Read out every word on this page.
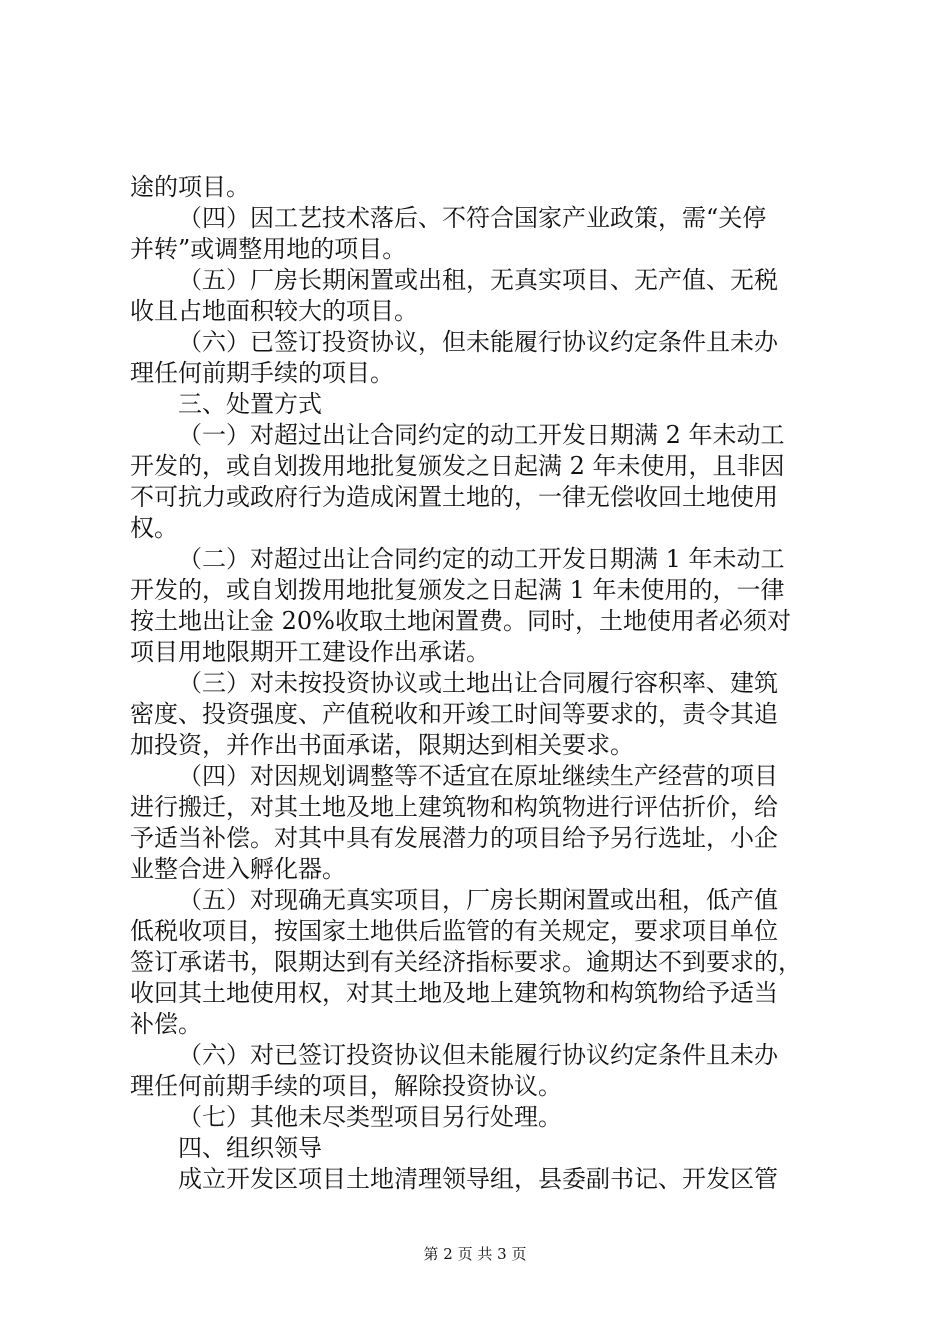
途的项目。
（四）因工艺技术落后、不符合国家产业政策，需“关停
并转”或调整用地的项目。
（五）厂房长期闲置或出租，无真实项目、无产值、无税
收且占地面积较大的项目。
（六）已签订投资协议，但未能履行协议约定条件且未办
理任何前期手续的项目。
三、处置方式
（一）对超过出让合同约定的动工开发日期满 2 年未动工
开发的，或自划拨用地批复颁发之日起满 2 年未使用，且非因
不可抗力或政府行为造成闲置土地的，一律无偿收回土地使用
权。
（二）对超过出让合同约定的动工开发日期满 1 年未动工
开发的，或自划拨用地批复颁发之日起满 1 年未使用的，一律
按土地出让金 20%收取土地闲置费。同时，土地使用者必须对
项目用地限期开工建设作出承诺。
（三）对未按投资协议或土地出让合同履行容积率、建筑
密度、投资强度、产值税收和开竣工时间等要求的，责令其追
加投资，并作出书面承诺，限期达到相关要求。
（四）对因规划调整等不适宜在原址继续生产经营的项目
进行搬迁，对其土地及地上建筑物和构筑物进行评估折价，给
予适当补偿。对其中具有发展潜力的项目给予另行选址，小企
业整合进入孵化器。
（五）对现确无真实项目，厂房长期闲置或出租，低产值
低税收项目，按国家土地供后监管的有关规定，要求项目单位
签订承诺书，限期达到有关经济指标要求。逾期达不到要求的，
收回其土地使用权，对其土地及地上建筑物和构筑物给予适当
补偿。
（六）对已签订投资协议但未能履行协议约定条件且未办
理任何前期手续的项目，解除投资协议。
（七）其他未尽类型项目另行处理。
四、组织领导
成立开发区项目土地清理领导组，县委副书记、开发区管
第 2 页 共 3 页
